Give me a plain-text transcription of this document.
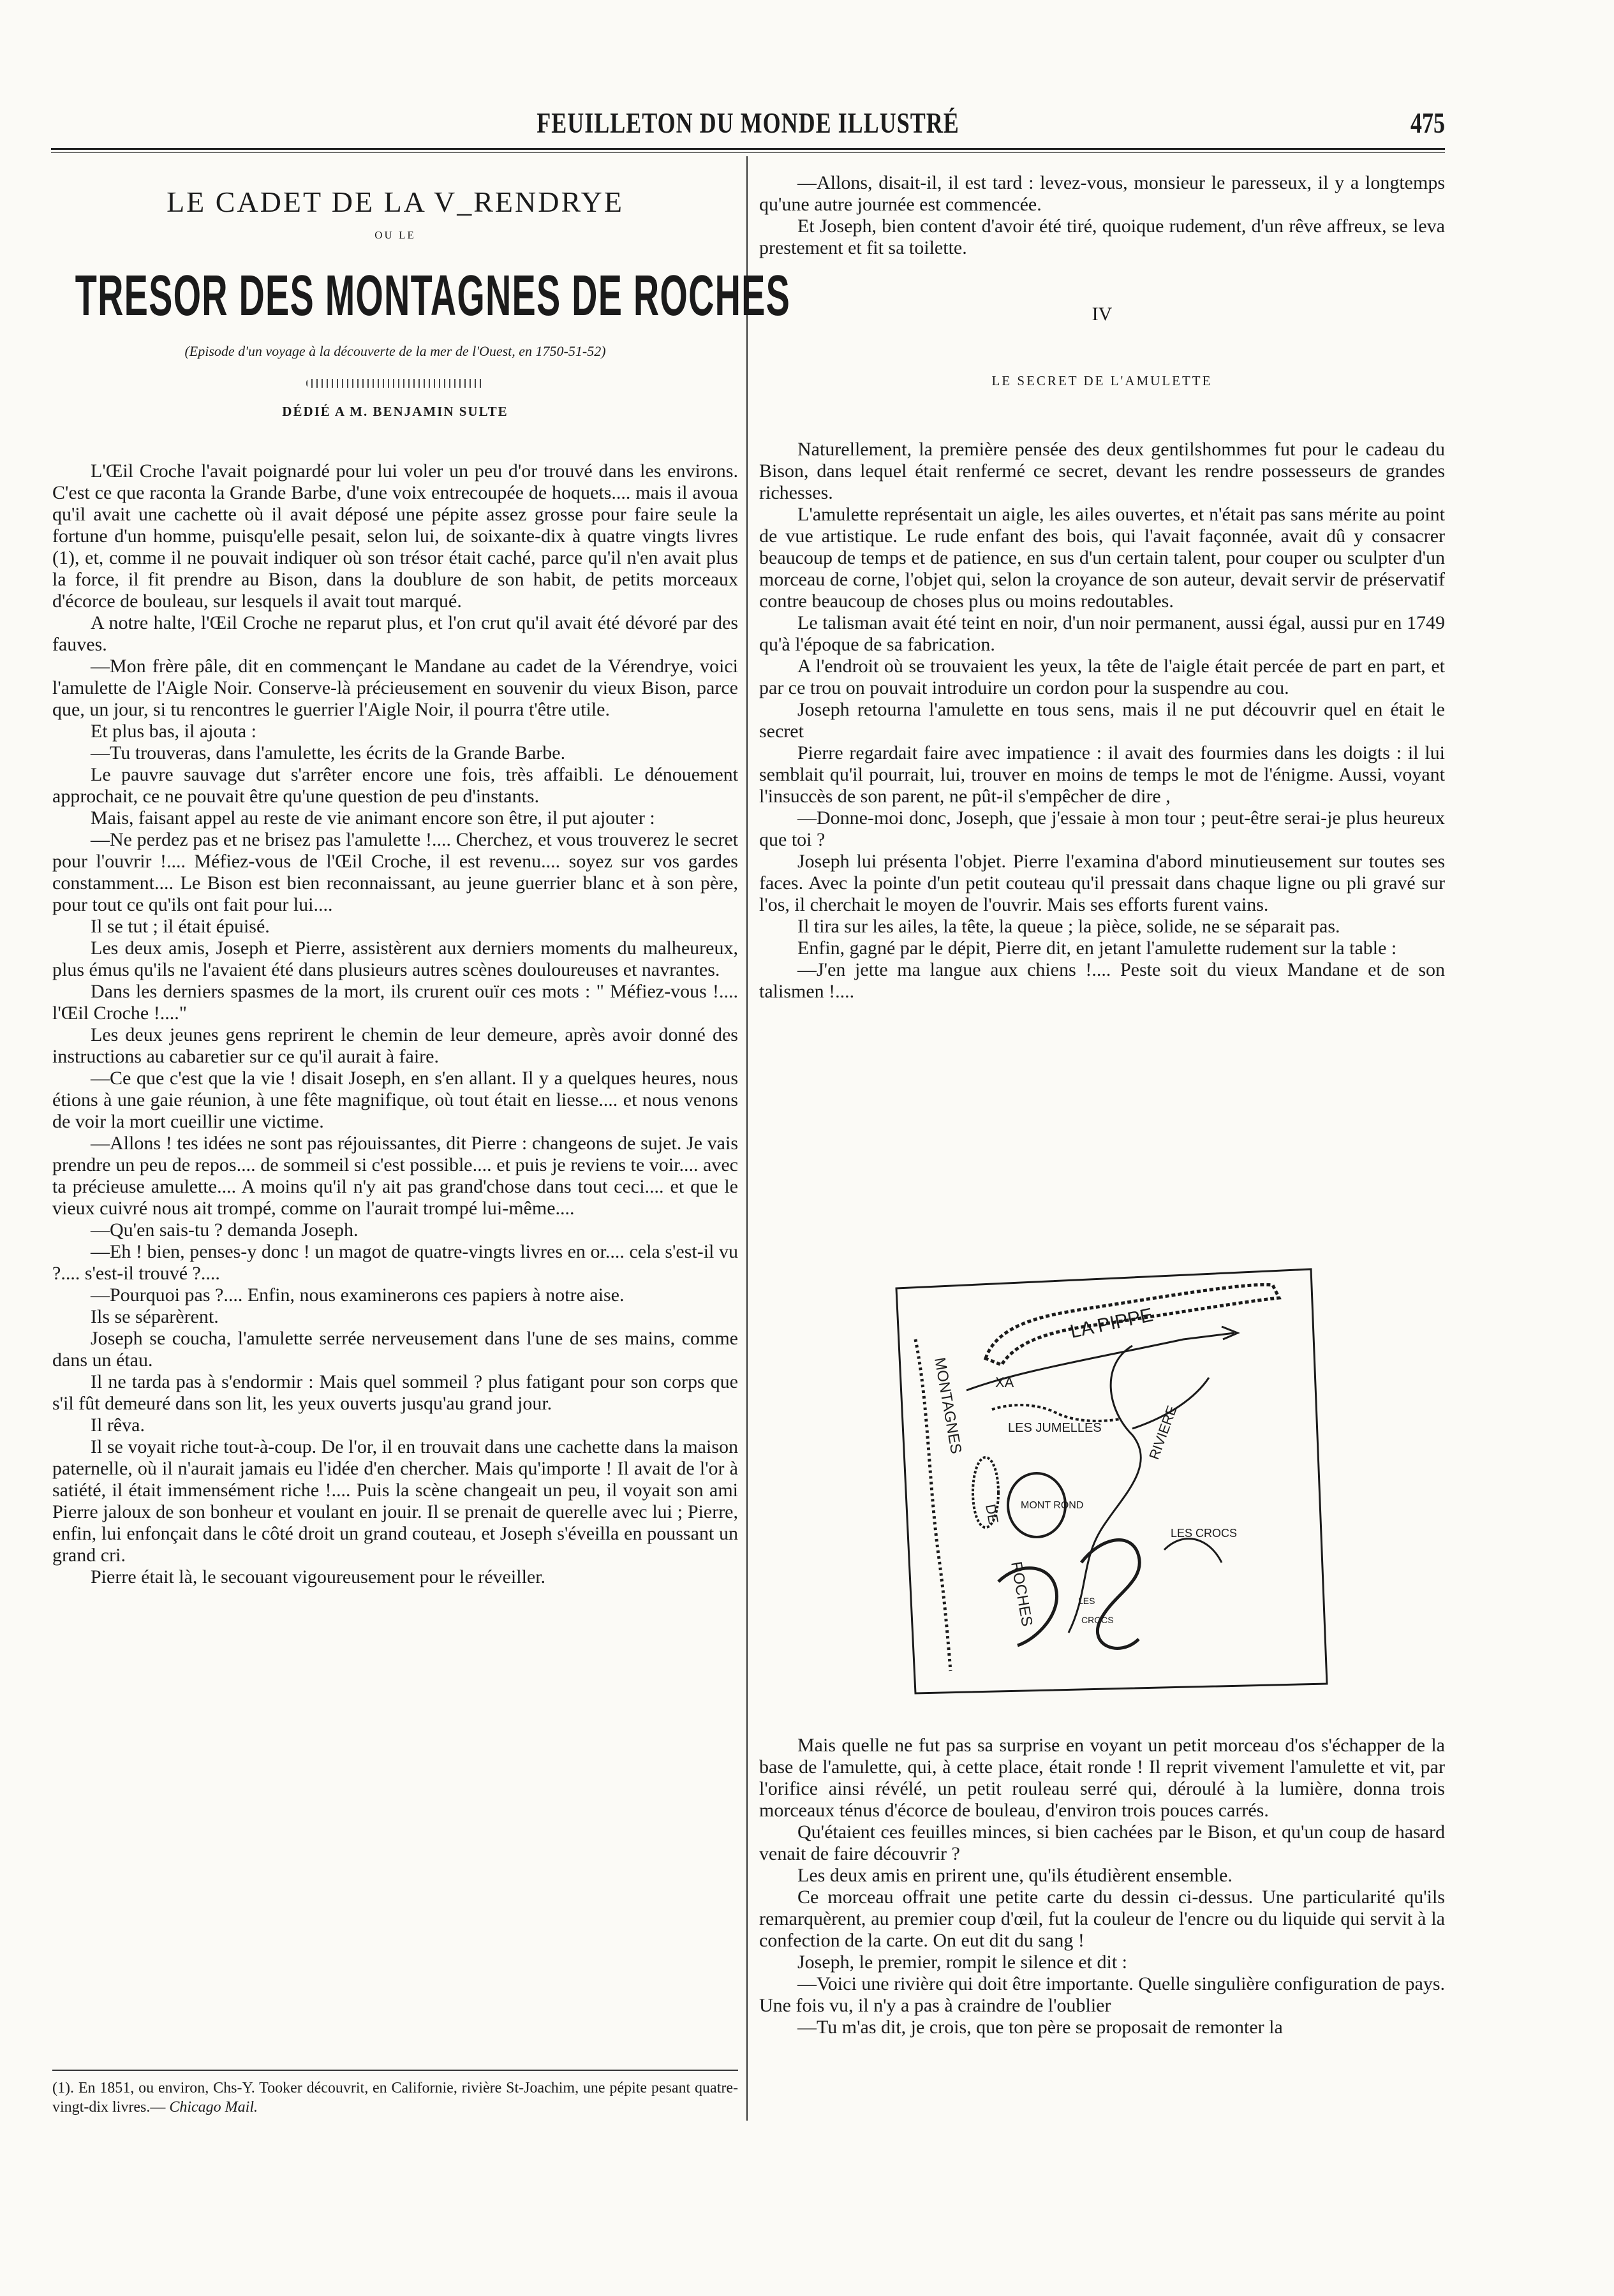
FEUILLETON DU MONDE ILLUSTRÉ	475
LE CADET DE LA V_RENDRYE
OU LE
TRESOR DES MONTAGNES DE ROCHES
(Episode d'un voyage à la découverte de la mer de l'Ouest, en 1750-51-52)
DÉDIÉ A M. BENJAMIN SULTE

L'Œil Croche l'avait poignardé pour lui voler un peu d'or trouvé dans les environs. C'est ce que raconta la Grande Barbe, d'une voix entrecoupée de hoquets.... mais il avoua qu'il avait une cachette où il avait déposé une pépite assez grosse pour faire seule la fortune d'un homme, puisqu'elle pesait, selon lui, de soixante-dix à quatre vingts livres (1), et, comme il ne pouvait indiquer où son trésor était caché, parce qu'il n'en avait plus la force, il fit prendre au Bison, dans la doublure de son habit, de petits morceaux d'écorce de bouleau, sur lesquels il avait tout marqué.

A notre halte, l'Œil Croche ne reparut plus, et l'on crut qu'il avait été dévoré par des fauves.

—Mon frère pâle, dit en commençant le Mandane au cadet de la Vérendrye, voici l'amulette de l'Aigle Noir. Conserve-là précieusement en souvenir du vieux Bison, parce que, un jour, si tu rencontres le guerrier l'Aigle Noir, il pourra t'être utile.

Et plus bas, il ajouta :

—Tu trouveras, dans l'amulette, les écrits de la Grande Barbe.

Le pauvre sauvage dut s'arrêter encore une fois, très affaibli. Le dénouement approchait, ce ne pouvait être qu'une question de peu d'instants.

Mais, faisant appel au reste de vie animant encore son être, il put ajouter :

—Ne perdez pas et ne brisez pas l'amulette !.... Cherchez, et vous trouverez le secret pour l'ouvrir !.... Méfiez-vous de l'Œil Croche, il est revenu.... soyez sur vos gardes constamment.... Le Bison est bien reconnaissant, au jeune guerrier blanc et à son père, pour tout ce qu'ils ont fait pour lui....

Il se tut ; il était épuisé.

Les deux amis, Joseph et Pierre, assistèrent aux derniers moments du malheureux, plus émus qu'ils ne l'avaient été dans plusieurs autres scènes douloureuses et navrantes.

Dans les derniers spasmes de la mort, ils crurent ouïr ces mots : " Méfiez-vous !.... l'Œil Croche !...."

Les deux jeunes gens reprirent le chemin de leur demeure, après avoir donné des instructions au cabaretier sur ce qu'il aurait à faire.

—Ce que c'est que la vie ! disait Joseph, en s'en allant. Il y a quelques heures, nous étions à une gaie réunion, à une fête magnifique, où tout était en liesse.... et nous venons de voir la mort cueillir une victime.

—Allons ! tes idées ne sont pas réjouissantes, dit Pierre : changeons de sujet. Je vais prendre un peu de repos.... de sommeil si c'est possible.... et puis je reviens te voir.... avec ta précieuse amulette.... A moins qu'il n'y ait pas grand'chose dans tout ceci.... et que le vieux cuivré nous ait trompé, comme on l'aurait trompé lui-même....

—Qu'en sais-tu ? demanda Joseph.

—Eh ! bien, penses-y donc ! un magot de quatre-vingts livres en or.... cela s'est-il vu ?.... s'est-il trouvé ?....

—Pourquoi pas ?.... Enfin, nous examinerons ces papiers à notre aise.

Ils se séparèrent.

Joseph se coucha, l'amulette serrée nerveusement dans l'une de ses mains, comme dans un étau.

Il ne tarda pas à s'endormir : Mais quel sommeil ? plus fatigant pour son corps que s'il fût demeuré dans son lit, les yeux ouverts jusqu'au grand jour.

Il rêva.

Il se voyait riche tout-à-coup. De l'or, il en trouvait dans une cachette dans la maison paternelle, où il n'aurait jamais eu l'idée d'en chercher. Mais qu'importe ! Il avait de l'or à satiété, il était immensément riche !.... Puis la scène changeait un peu, il voyait son ami Pierre jaloux de son bonheur et voulant en jouir. Il se prenait de querelle avec lui ; Pierre, enfin, lui enfonçait dans le côté droit un grand couteau, et Joseph s'éveilla en poussant un grand cri.

Pierre était là, le secouant vigoureusement pour le réveiller.

(1). En 1851, ou environ, Chs-Y. Tooker découvrit, en Californie, rivière St-Joachim, une pépite pesant quatre-vingt-dix livres.— Chicago Mail.

—Allons, disait-il, il est tard : levez-vous, monsieur le paresseux, il y a longtemps qu'une autre journée est commencée.

Et Joseph, bien content d'avoir été tiré, quoique rudement, d'un rêve affreux, se leva prestement et fit sa toilette.

IV
LE SECRET DE L'AMULETTE

Naturellement, la première pensée des deux gentilshommes fut pour le cadeau du Bison, dans lequel était renfermé ce secret, devant les rendre possesseurs de grandes richesses.

L'amulette représentait un aigle, les ailes ouvertes, et n'était pas sans mérite au point de vue artistique. Le rude enfant des bois, qui l'avait façonnée, avait dû y consacrer beaucoup de temps et de patience, en sus d'un certain talent, pour couper ou sculpter d'un morceau de corne, l'objet qui, selon la croyance de son auteur, devait servir de préservatif contre beaucoup de choses plus ou moins redoutables.

Le talisman avait été teint en noir, d'un noir permanent, aussi égal, aussi pur en 1749 qu'à l'époque de sa fabrication.

A l'endroit où se trouvaient les yeux, la tête de l'aigle était percée de part en part, et par ce trou on pouvait introduire un cordon pour la suspendre au cou.

Joseph retourna l'amulette en tous sens, mais il ne put découvrir quel en était le secret

Pierre regardait faire avec impatience : il avait des fourmies dans les doigts : il lui semblait qu'il pourrait, lui, trouver en moins de temps le mot de l'énigme. Aussi, voyant l'insuccès de son parent, ne pût-il s'empêcher de dire ,

—Donne-moi donc, Joseph, que j'essaie à mon tour ; peut-être serai-je plus heureux que toi ?

Joseph lui présenta l'objet. Pierre l'examina d'abord minutieusement sur toutes ses faces. Avec la pointe d'un petit couteau qu'il pressait dans chaque ligne ou pli gravé sur l'os, il cherchait le moyen de l'ouvrir. Mais ses efforts furent vains.

Il tira sur les ailes, la tête, la queue ; la pièce, solide, ne se séparait pas.

Enfin, gagné par le dépit, Pierre dit, en jetant l'amulette rudement sur la table :

—J'en jette ma langue aux chiens !.... Peste soit du vieux Mandane et de son talismen !....

LA PIPPE
XA
MONTAGNES
DE
ROCHES
LES JUMELLES	RIVIERE
MONT ROND
LES CROCS
LES
CROCS

Mais quelle ne fut pas sa surprise en voyant un petit morceau d'os s'échapper de la base de l'amulette, qui, à cette place, était ronde ! Il reprit vivement l'amulette et vit, par l'orifice ainsi révélé, un petit rouleau serré qui, déroulé à la lumière, donna trois morceaux ténus d'écorce de bouleau, d'environ trois pouces carrés.

Qu'étaient ces feuilles minces, si bien cachées par le Bison, et qu'un coup de hasard venait de faire découvrir ?

Les deux amis en prirent une, qu'ils étudièrent ensemble.

Ce morceau offrait une petite carte du dessin ci-dessus. Une particularité qu'ils remarquèrent, au premier coup d'œil, fut la couleur de l'encre ou du liquide qui servit à la confection de la carte. On eut dit du sang !

Joseph, le premier, rompit le silence et dit :

—Voici une rivière qui doit être importante. Quelle singulière configuration de pays. Une fois vu, il n'y a pas à craindre de l'oublier

—Tu m'as dit, je crois, que ton père se proposait de remonter la
